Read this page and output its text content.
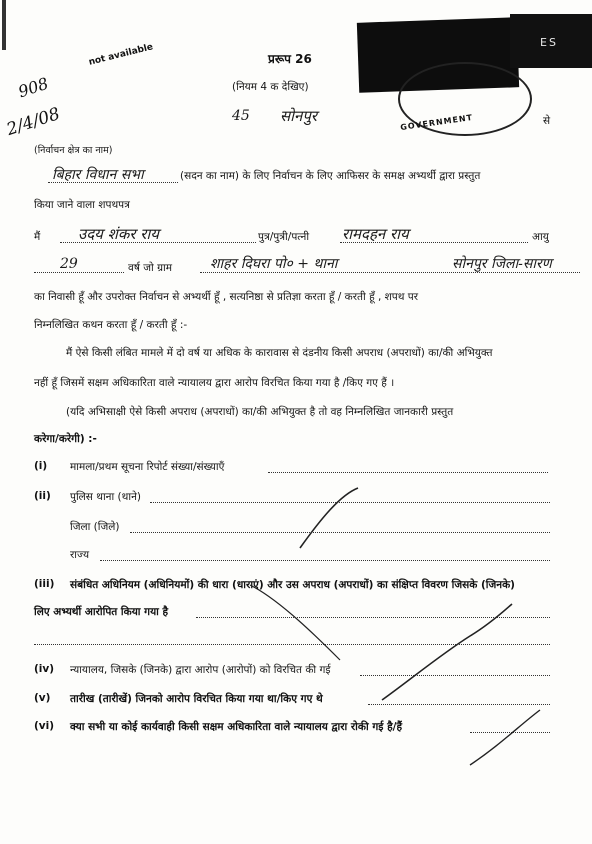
not available
908
2/4/08
ES
GOVERNMENT
प्ररूप 26
(नियम 4 क देखिए)
45 सोनपुर	से
(निर्वाचन क्षेत्र का नाम)
बिहार विधान सभा	(सदन का नाम) के लिए निर्वाचन के लिए आफिसर के समक्ष अभ्यर्थी द्वारा प्रस्तुत
किया जाने वाला शपथपत्र
मैं	उदय शंकर राय	पुत्र/पुत्री/पत्नी रामदहन राय	आयु
29	वर्ष जो ग्राम	शाहर दिघरा पो० + थाना	सोनपुर जिला-सारण
का निवासी हूँ और उपरोक्त निर्वाचन से अभ्यर्थी हूँ , सत्यनिष्ठा से प्रतिज्ञा करता हूँ / करती हूँ , शपथ पर
निम्नलिखित कथन करता हूँ / करती हूँ :-
मैं ऐसे किसी लंबित मामले में दो वर्ष या अधिक के कारावास से दंडनीय किसी अपराध (अपराधों) का/की अभियुक्त
नहीं हूँ जिसमें सक्षम अधिकारिता वाले न्यायालय द्वारा आरोप विरचित किया गया है /किए गए हैं ।
(यदि अभिसाक्षी ऐसे किसी अपराध (अपराधों) का/की अभियुक्त है तो वह निम्नलिखित जानकारी प्रस्तुत
करेगा/करेगी) :-
(i) मामला/प्रथम सूचना रिपोर्ट संख्या/संख्याएँ
(ii) पुलिस थाना (थाने)
जिला (जिले)
राज्य
(iii) संबंधित अधिनियम (अधिनियमों) की धारा (धाराएं) और उस अपराध (अपराधों) का संक्षिप्त विवरण जिसके (जिनके)
लिए अभ्यर्थी आरोपित किया गया है
(iv) न्यायालय, जिसके (जिनके) द्वारा आरोप (आरोपों) को विरचित की गई
(v) तारीख (तारीखें) जिनको आरोप विरचित किया गया था/किए गए थे
(vi) क्या सभी या कोई कार्यवाही किसी सक्षम अधिकारिता वाले न्यायालय द्वारा रोकी गई है/हैं
